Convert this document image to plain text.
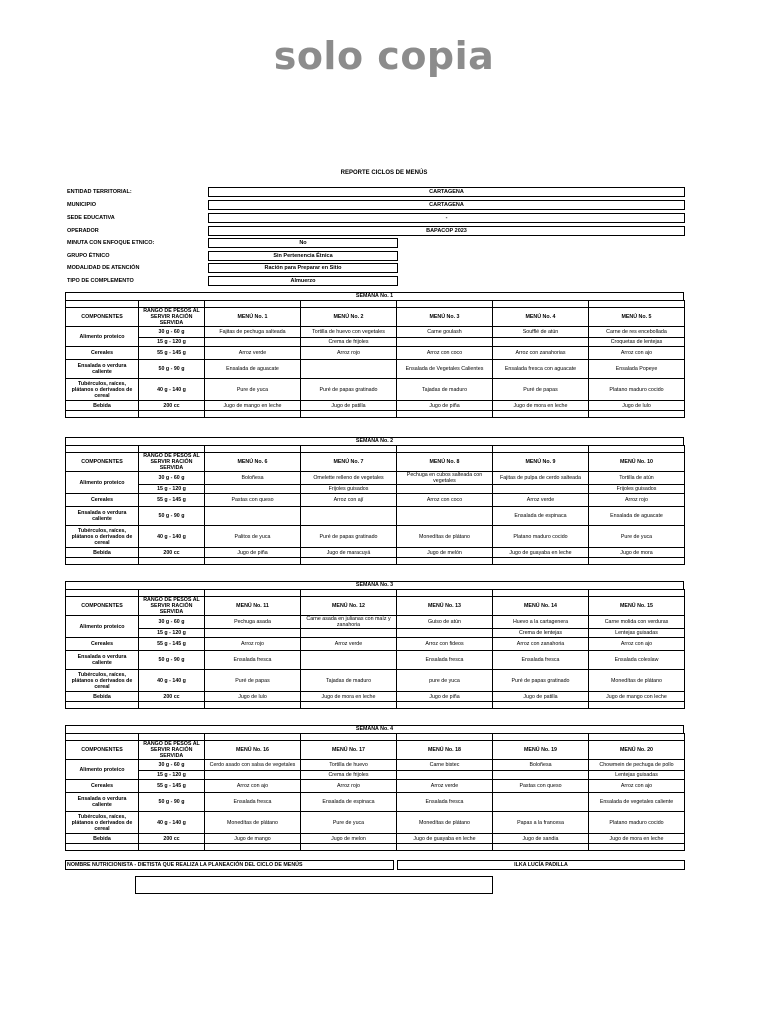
solo copia
REPORTE CICLOS DE MENÚS
ENTIDAD TERRITORIAL:	CARTAGENA
MUNICIPIO	CARTAGENA
SEDE EDUCATIVA	-
OPERADOR	BAPACOP 2023
MINUTA CON ENFOQUE ETNICO:	No
GRUPO ÉTNICO	Sin Pertenencia Étnica
MODALIDAD DE ATENCIÓN	Ración para Preparar en Sitio
TIPO DE COMPLEMENTO	Almuerzo
SEMANA No. 1

COMPONENTES	RANGO DE PESOS AL SERVIR RACIÓN SERVIDA	MENÚ No. 1	MENÚ No. 2	MENÚ No. 3	MENÚ No. 4	MENÚ No. 5
Alimento proteico	30 g - 60 g	Fajitas de pechuga salteada	Tortilla de huevo con vegetales	Carne goulash	Soufflé de atún	Carne de res encebollada
	15 g - 120 g		Crema de frijoles			Croquetas de lentejas
Cereales	55 g - 145 g	Arroz verde	Arroz rojo	Arroz con coco	Arroz con zanahorias	Arroz con ajo
Ensalada o verdura caliente	50 g - 90 g	Ensalada de aguacate		Ensalada de Vegetales Calientes	Ensalada fresca con aguacate	Ensalada Popeye
Tubérculos, raíces, plátanos o derivados de cereal	40 g - 140 g	Pure de yuca	Puré de papas gratinado	Tajadas de maduro	Puré de papas	Platano maduro cocido
Bebida	200 cc	Jugo de mango en leche	Jugo de patilla	Jugo de piña	Jugo de mora en leche	Jugo de lulo

SEMANA No. 2

COMPONENTES	RANGO DE PESOS AL SERVIR RACIÓN SERVIDA	MENÚ No. 6	MENÚ No. 7	MENÚ No. 8	MENÚ No. 9	MENÚ No. 10
Alimento proteico	30 g - 60 g	Boloñesa	Omelette relleno de vegetales	Pechuga en cubos salteada con vegetales	Fajitas de pulpa de cerdo salteada	Tortilla de atún
	15 g - 120 g		Frijoles guisados			Frijoles guisados
Cereales	55 g - 145 g	Pastas con queso	Arroz con ají	Arroz con coco	Arroz verde	Arroz rojo
Ensalada o verdura caliente	50 g - 90 g				Ensalada de espinaca	Ensalada de aguacate
Tubérculos, raíces, plátanos o derivados de cereal	40 g - 140 g	Palitos de yuca	Puré de papas gratinado	Monedítas de plátano	Platano maduro cocido	Pure de yuca
Bebida	200 cc	Jugo de piña	Jugo de maracuyá	Jugo de melón	Jugo de guayaba en leche	Jugo de mora

SEMANA No. 3

COMPONENTES	RANGO DE PESOS AL SERVIR RACIÓN SERVIDA	MENÚ No. 11	MENÚ No. 12	MENÚ No. 13	MENÚ No. 14	MENÚ No. 15
Alimento proteico	30 g - 60 g	Pechuga asada	Carne asada en julianas con maíz y zanahoria	Guiso de atún	Huevo a la cartagenera	Carne molida con verduras
	15 g - 120 g				Crema de lentejas	Lentejas guisadas
Cereales	55 g - 145 g	Arroz rojo	Arroz verde	Arroz con fideos	Arroz con zanahoria	Arroz con ajo
Ensalada o verdura caliente	50 g - 90 g	Ensalada fresca		Ensalada fresca	Ensalada fresca	Ensalada coleslaw
Tubérculos, raíces, plátanos o derivados de cereal	40 g - 140 g	Puré de papas	Tajadas de maduro	pure de yuca	Puré de papas gratinado	Monedítas de plátano
Bebida	200 cc	Jugo de lulo	Jugo de mora en leche	Jugo de piña	Jugo de patilla	Jugo de mango con leche

SEMANA No. 4

COMPONENTES	RANGO DE PESOS AL SERVIR RACIÓN SERVIDA	MENÚ No. 16	MENÚ No. 17	MENÚ No. 18	MENÚ No. 19	MENÚ No. 20
Alimento proteico	30 g - 60 g	Cerdo asado con salsa de vegetales	Tortilla de huevo	Carne bistec	Boloñesa	Chowmein de pechuga de pollo
	15 g - 120 g		Crema de frijoles			Lentejas guisadas
Cereales	55 g - 145 g	Arroz con ajo	Arroz rojo	Arroz verde	Pastas con queso	Arroz con ajo
Ensalada o verdura caliente	50 g - 90 g	Ensalada fresca	Ensalada de espinaca	Ensalada fresca		Ensalada de vegetales caliente
Tubérculos, raíces, plátanos o derivados de cereal	40 g - 140 g	Monedítas de plátano	Pure de yuca	Monedítas de plátano	Papas a la francesa	Platano maduro cocido
Bebida	200 cc	Jugo de mango	Jugo de melon	Jugo de guayaba en leche	Jugo de sandia	Jugo de mora en leche

NOMBRE NUTRICIONISTA - DIETISTA QUE REALIZA LA PLANEACIÓN DEL CICLO DE MENÚS	ILKA LUCÍA PADILLA
